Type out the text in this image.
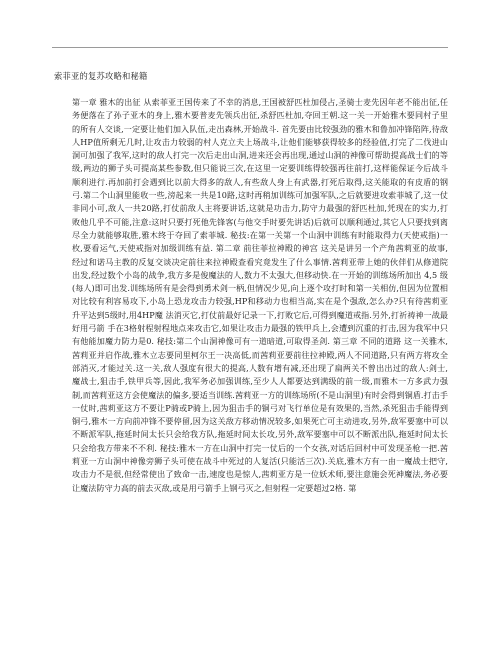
索菲亚的复苏攻略和秘籍
第一章 雅木的出征 从索菲亚王国传来了不幸的消息,王国被舒匹杜加侵占,圣骑士麦先因年老不能出征,任务便落在了孙子亚木的身上,雅木要普麦先领兵出征,杀舒匹杜加,夺回王朝.这一关一开始雅木要同村子里的所有人交谈,一定要让他们加入队伍,走出森林,开始战斗. 首先要由比较强劲的雅木和鲁加冲锋陷阵,待敌人HP值所剩无几时,让攻击力较弱的村人克立夫上场战斗,让他们能够获得较多的经验值,打完了二伐进山洞可加强了我军,这时的敌人打完一次后走出山洞,进来还会再出现,通过山洞的神像可帮助提高战士们的等级,两边的狮子头可提高某些参数,但只能说三次,在这里一定要训练得较强再往前打,这样能保证今后战斗顺利进行.再加前打会遇到比以前大得多的敌人,有些敌人身上有武器,打死后取得,这关能取的有皮盾的钢弓.第二个山洞里能收一些,滂起来一共是10路,这时再稍加训练可加强军队,之后就要进攻索菲城了,这一仗非同小可,敌人一共20路,打仗前敌人主将要讲话,这就是功击力,防守力最强的舒匹杜加,凭现在的实力,打败他几乎不可能,注意:这时只要打死他先锋客(与他交手时要先讲话)后就可以顺利通过,其它人只要找到离尽全力就能够取胜,雅木终于夺回了索菲城. 秘技:在第一关第一个山洞中训练有时能取得力(天使戒指)一枚,要看运气,天使戒指对加级训练有益. 第二章 前往菲拉神殿的神宫 这关是讲另一个产角茜莉亚的故事,经过和诺马主教的反复交谈决定前往来拉神殿查看究竟发生了什么事情.茜莉亚带上她的伙伴们从修道院出发,经过数个小岛的战争,我方多是俊魔法的人,数力不太强大,但移动快.在一开始的训练场所加出 4,5 级(每人)即可出发.训练场所有是会得到勇术剑一柄,但情况少见,向上逐个攻打时和第一关相仿,但因为位置相对比较有利容易攻下,小岛上恐龙攻击力较强,HP和移动力也相当高,实在是个强敌,怎么办?只有待茜莉亚升平达到5级时,用4HP魔 法消灭它,打仗前最好记录一下,打败它后,可得到魔道戒指.另外,打祈祷神一战最好用弓箭 手在3格射程射程地点来攻击它,如果让攻击力最强的铁甲兵上,会遭到沉重的打击,因为我军中只有他能加魔力防力是0. 秘技:第二个山洞神像可有一道暗道,可取得圣剑. 第三章 不同的道路 这一关雅木,茜莉亚并启作战,雅木立志要同里柯尔王一决高低,而茜莉亚要前往拉神殿,两人不同道路,只有两方将攻全部消灭,才能过关.这一关,敌人强度有很大的提高,人数有增有减,还出现了扁两关不曾出出过的敌人:剑士,魔战士,狙击手,铁甲兵等,因此,我军务必加强训练,至少人人都要达到满级的前一级,而雅木一方多武力强制,而茜莉亚这方会使魔法的偏多,要适当训练.茜莉亚一方的训练场所(不是山洞里)有时会得到铜盾.打击手一仗时,茜莉亚这方不要让P骑或P骑上,因为狙击手的铜弓对飞行单位是有效果的,当然,杀死狙击手能得到铜弓,雅木一方向前冲锋不要停留,因为这关敌方移动情况较多,如果死亡可主动进攻,另外,敌军要塞中可以不断派军队,拖延时间太长只会给我方队,拖延时间太长攻,另外,敌军要塞中可以不断派出队,拖延时间太长只会给我方带来不不利. 秘技:雅木一方在山洞中打完一仗后的一个女孩,对话后回村中可发现圣枪一把.茜莉亚一方山洞中神像旁狮子头可使在战斗中死过的人复活(只能活三次).关底,雅木方有一由一魔战士把守,攻击力不是很,但经常使出了致命一击,速度也是惊人,茜莉亚方是一位妖术师,要注意施会死神魔法,务必要让魔法防守力高的前去灭敌,或是用弓箭手上钢弓灭之,但射程一定要超过2格. 第
